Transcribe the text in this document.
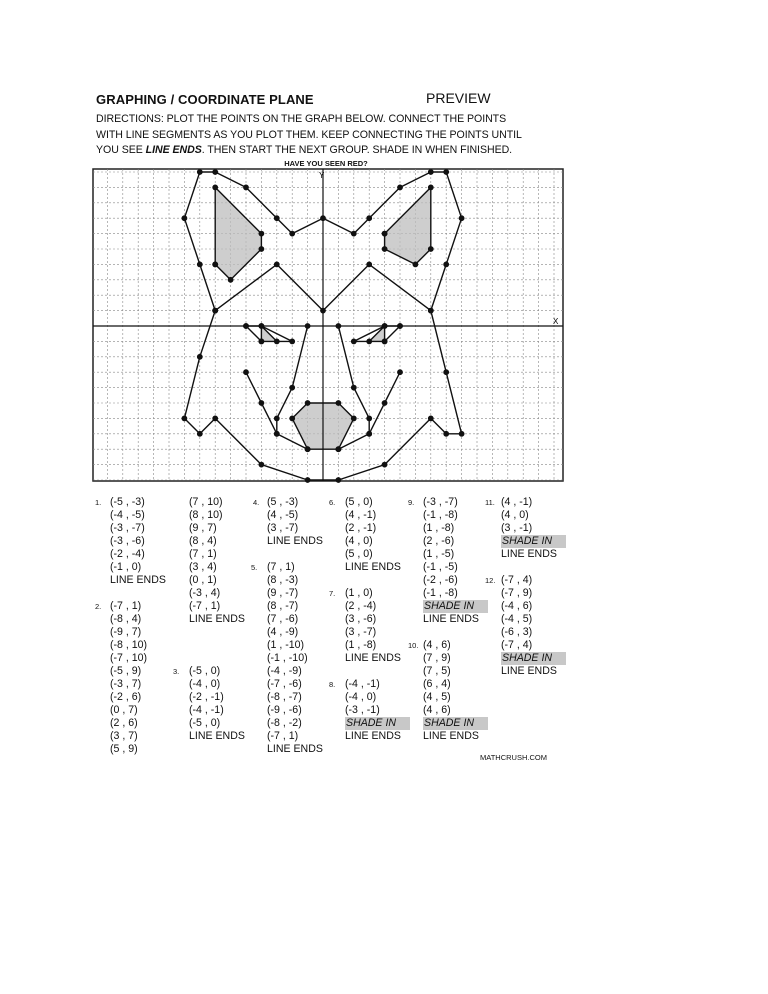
GRAPHING / COORDINATE PLANE	PREVIEW
DIRECTIONS: PLOT THE POINTS ON THE GRAPH BELOW. CONNECT THE POINTS
WITH LINE SEGMENTS AS YOU PLOT THEM. KEEP CONNECTING THE POINTS UNTIL
YOU SEE LINE ENDS. THEN START THE NEXT GROUP. SHADE IN WHEN FINISHED.
HAVE YOU SEEN RED?
X
Y
1. (-5 , -3)
(-4 , -5)
(-3 , -7)
(-3 , -6)
(-2 , -4)
(-1 , 0)
LINE ENDS
2. (-7 , 1)
(-8 , 4)
(-9 , 7)
(-8 , 10)
(-7 , 10)
(-5 , 9)
(-3 , 7)
(-2 , 6)
(0 , 7)
(2 , 6)
(3 , 7)
(5 , 9)
(7 , 10)
(8 , 10)
(9 , 7)
(8 , 4)
(7 , 1)
(3 , 4)
(0 , 1)
(-3 , 4)
(-7 , 1)
LINE ENDS
3. (-5 , 0)
(-4 , 0)
(-2 , -1)
(-4 , -1)
(-5 , 0)
LINE ENDS
4. (5 , -3)
(4 , -5)
(3 , -7)
LINE ENDS
5. (7 , 1)
(8 , -3)
(9 , -7)
(8 , -7)
(7 , -6)
(4 , -9)
(1 , -10)
(-1 , -10)
(-4 , -9)
(-7 , -6)
(-8 , -7)
(-9 , -6)
(-8 , -2)
(-7 , 1)
LINE ENDS
6. (5 , 0)
(4 , -1)
(2 , -1)
(4 , 0)
(5 , 0)
LINE ENDS
7. (1 , 0)
(2 , -4)
(3 , -6)
(3 , -7)
(1 , -8)
LINE ENDS
8. (-4 , -1)
(-4 , 0)
(-3 , -1)
SHADE IN
LINE ENDS
9. (-3 , -7)
(-1 , -8)
(1 , -8)
(2 , -6)
(1 , -5)
(-1 , -5)
(-2 , -6)
(-1 , -8)
SHADE IN
LINE ENDS
10. (4 , 6)
(7 , 9)
(7 , 5)
(6 , 4)
(4 , 5)
(4 , 6)
SHADE IN
LINE ENDS
11. (4 , -1)
(4 , 0)
(3 , -1)
SHADE IN
LINE ENDS
12. (-7 , 4)
(-7 , 9)
(-4 , 6)
(-4 , 5)
(-6 , 3)
(-7 , 4)
SHADE IN
LINE ENDS
MATHCRUSH.COM
